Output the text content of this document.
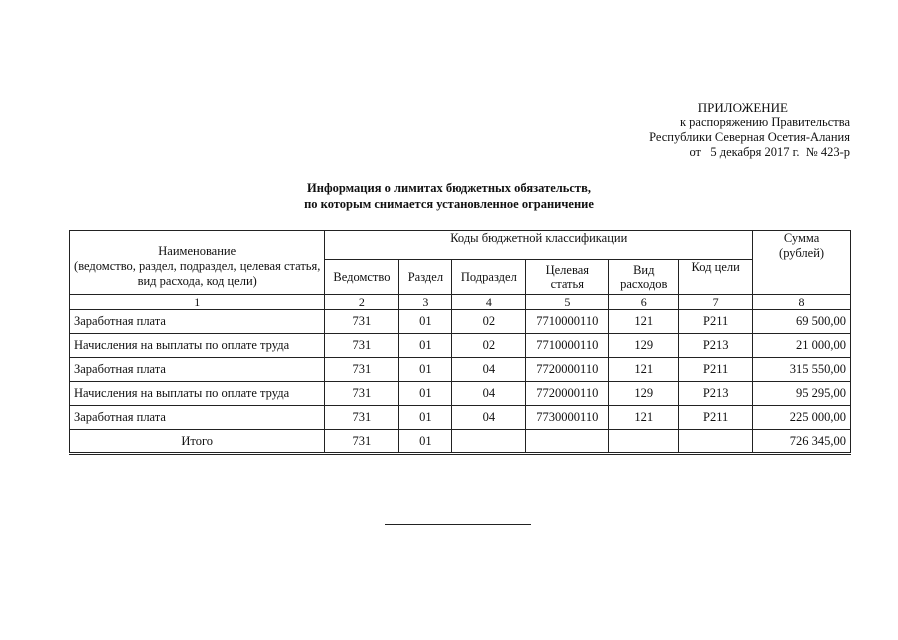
ПРИЛОЖЕНИЕ
к распоряжению Правительства
Республики Северная Осетия-Алания
от   5 декабря 2017 г.  № 423-р
Информация о лимитах бюджетных обязательств,
по которым снимается установленное ограничение
Наименование
(ведомство, раздел, подраздел, целевая статья, вид расхода, код цели)	Коды бюджетной классификации						Сумма
(рублей)
	Ведомство	Раздел	Подраздел	Целевая статья	Вид расходов	Код цели	
1	2	3	4	5	6	7	8
Заработная плата	731	01	02	7710000110	121	Р211	69 500,00
Начисления на выплаты по оплате труда	731	01	02	7710000110	129	Р213	21 000,00
Заработная плата	731	01	04	7720000110	121	Р211	315 550,00
Начисления на выплаты по оплате труда	731	01	04	7720000110	129	Р213	95 295,00
Заработная плата	731	01	04	7730000110	121	Р211	225 000,00
Итого	731	01					726 345,00
